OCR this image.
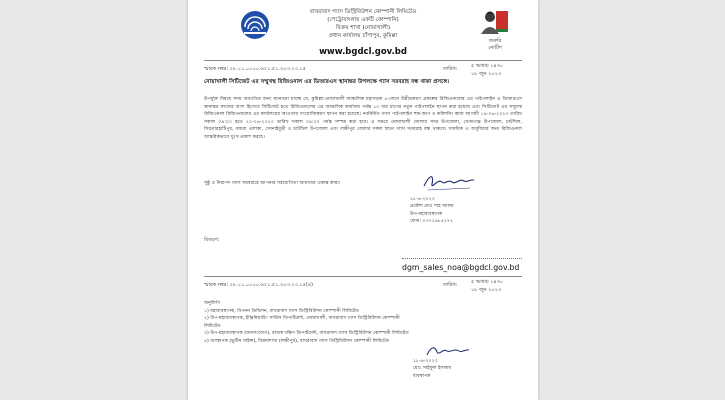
বাখরাবাদ গ্যাস ডিস্ট্রিবিউশন কোম্পানী লিমিটেড
(পেট্রোবাংলার একটি কোম্পানি)
বিক্রয় শাখা (নোয়াখালী)
প্রধান কার্যালয় চাঁপাপুর, কুমিল্লা
www.bgdcl.gov.bd
জরুরি
নোটিশ
স্মারক নম্বর: ২৮.১১.০০০০.৬২১.৫১.৩০৩.২৩.১৫	তারিখ:	৫ আষাঢ় ১৪৩০
১৮ জুন ২০২৩
নোয়াখালী সিটিজেট এর সম্মুখস্থ রিজিওনাল এর ডিআরএস স্থানান্তর উপলক্ষে গ্যাস সরবরাহ বন্ধ থাকা প্রসঙ্গে।
উপর্যুক্ত বিষয়ে সদয় অবগতির জন্য জানানো যাচ্ছে যে, কুমিল্লা-নোয়াখালী আঞ্চলিক মহাসড়ক ৪-লেনে উন্নীতকরণ প্রকল্পের রিজিওনালের এর পাইপলাইন ও ডিআরএস স্থানান্তর কাজের অংশ হিসেবে সিটিজেট হতে রিজিওনালের এর আঞ্চলিক কার্যালয় পর্যন্ত ১০ বার চাপের নতুন পাইপলাইন স্থাপন করা হয়েছে এবং সিটিজেট এর সম্মুখস্থ রিজিওনাল রিজিওনালের এর কার্যালয়ের আওতায় সংযোজিকরণ স্থাপন করা হয়েছে। নবনির্মিত গ্যাস পাইপলাইন হুক-আপ ও কমিশনিং কাজ আগামী ১৯-০৬-২০২৩ তারিখ সকাল ০৯:০০ হতে ২০-০৬-২০২৩ তারিখ সকাল ০৯:০০ পর্যন্ত সম্পন্ন করা হবে। এ সময়ে নোয়াখালী জেলার সদর উপজেলা, বেগমগঞ্জ উপজেলা, চাটখিল, সিরতারহাটিপুর, বজরা এলাকা, সোনাইমুড়ী ও চাটখিল উপজেলা এবং লক্ষীপুর জেলার সকল স্থানে গ্যাস সরবরাহ বন্ধ থাকবে। সাময়িক এ অসুবিধার জন্য রিজিওনাল আন্তরিকভাবে দুঃখ প্রকাশ করছে।
সুষ্ঠু ও নিরাপদ গ্যাস সরবরাহে আপনার সহযোগিতা আমাদের একান্ত কাম্য।
১৮-৬-২০২৩
প্রকৌশ মোঃ শাহ আলম
উপ-মহাব্যবস্থাপক
ফোন: ০৩৭১৬৮৫১৭২
বিতরণ:
dgm_sales_noa@bgdcl.gov.bd
স্মারক নম্বর: ২৮.১১.০০০০.৬২১.৫১.৩০৩.২৩.১৫(৪)	তারিখ:	৫ আষাঢ় ১৪৩০
১৮ জুন ২০২৩
অনুলিপি
১) মহাব্যবস্থাপক, বিপনন ডিভিশন, বাখরাবাদ গ্যাস ডিস্ট্রিবিউশন কোম্পানী লিমিটেড
২) উপ-মহাব্যবস্থাপক, ইঞ্জিনিয়ারিং সার্ভিস ডিপার্টমেন্ট, নোয়াখালী, বাখরাবাদ গ্যাস ডিস্ট্রিবিউশন কোম্পানী
লিমিটেড
৩) উপ-মহাব্যবস্থাপক (জনসংযোগ), রাজস্ব দক্ষিণ ডিপার্টমেন্ট, বাখরাবাদ গ্যাস ডিস্ট্রিবিউশন কোম্পানী লিমিটেড
৪) ব্যবস্থাপক (ভুটিন সাইন্স), বিক্রয়শাখা (লক্ষীপুর), বাখরাবাদ গ্যাস ডিস্ট্রিবিউশন কোম্পানী লিমিটেড
১৮-৬-২০২৩
মোঃ সাইফুল ইসলাম
ব্যবস্থাপক
